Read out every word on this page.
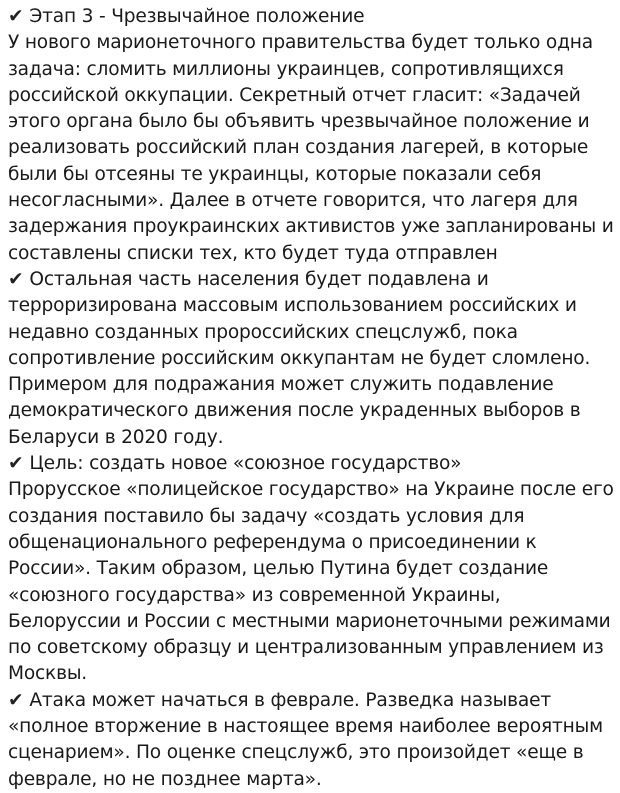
✔ Этап 3 - Чрезвычайное положение
У нового марионеточного правительства будет только одна задача: сломить миллионы украинцев, сопротивлящихся российской оккупации. Секретный отчет гласит: «Задачей этого органа было бы объявить чрезвычайное положение и реализовать российский план создания лагерей, в которые были бы отсеяны те украинцы, которые показали себя несогласными». Далее в отчете говорится, что лагеря для задержания проукраинских активистов уже запланированы и составлены списки тех, кто будет туда отправлен

✔ Остальная часть населения будет подавлена и терроризирована массовым использованием российских и недавно созданных пророссийских спецслужб, пока сопротивление российским оккупантам не будет сломлено. Примером для подражания может служить подавление демократического движения после украденных выборов в Беларуси в 2020 году.

✔ Цель: создать новое «союзное государство»
Прорусское «полицейское государство» на Украине после его создания поставило бы задачу «создать условия для общенационального референдума о присоединении к России». Таким образом, целью Путина будет создание «союзного государства» из современной Украины, Белоруссии и России с местными марионеточными режимами по советскому образцу и централизованным управлением из Москвы.

✔ Атака может начаться в феврале. Разведка называет «полное вторжение в настоящее время наиболее вероятным сценарием». По оценке спецслужб, это произойдет «еще в феврале, но не позднее марта».
